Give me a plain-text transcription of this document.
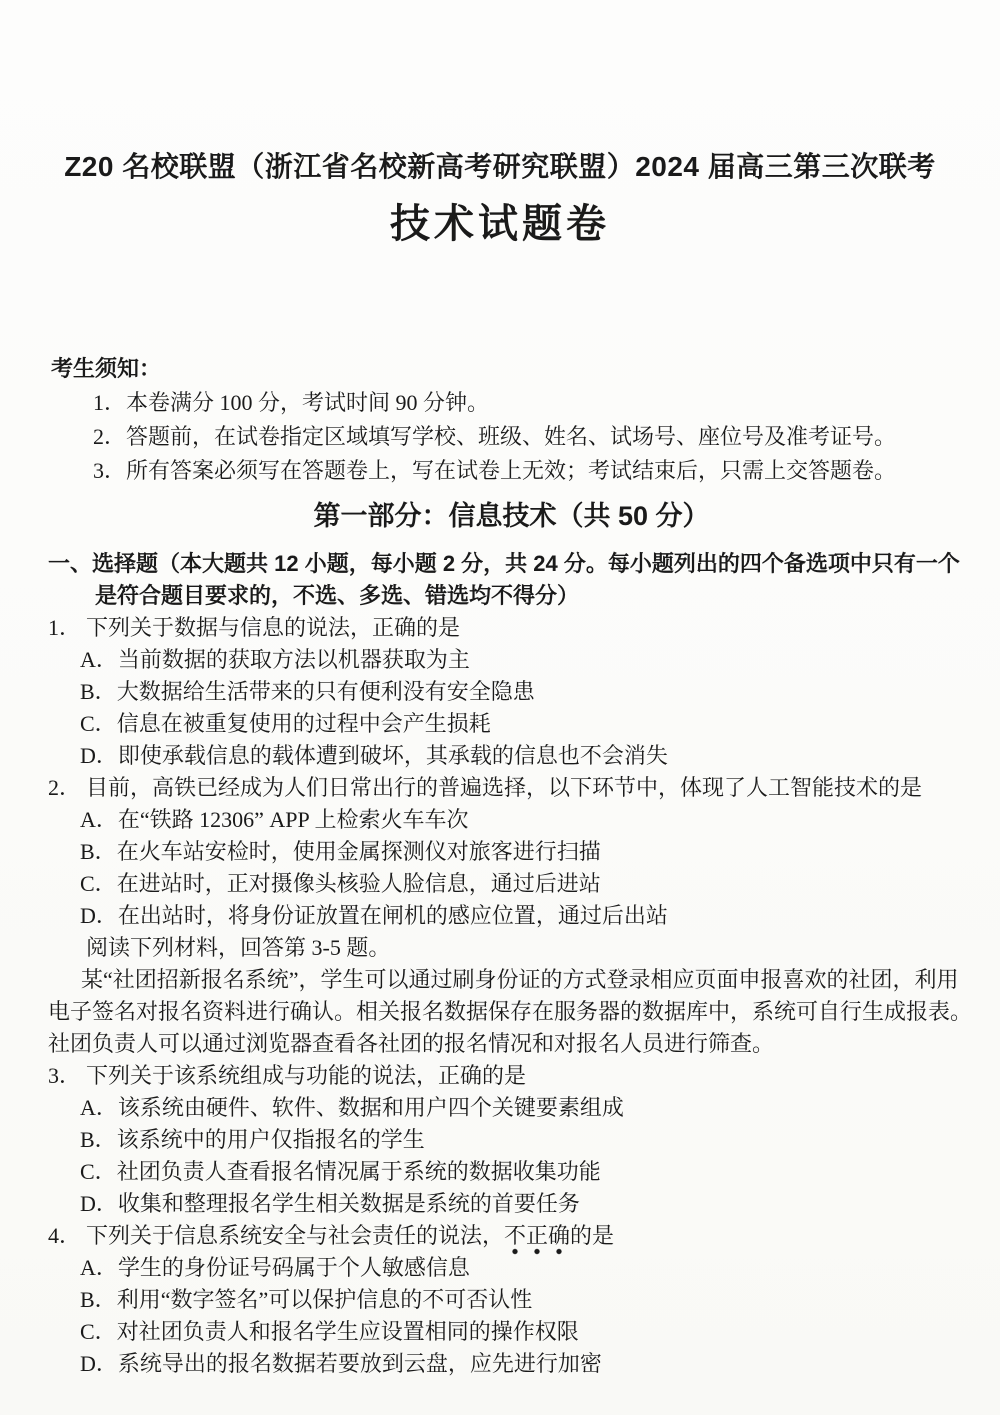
Z20 名校联盟（浙江省名校新高考研究联盟）2024 届高三第三次联考
技术试题卷
考生须知：
1．本卷满分 100 分，考试时间 90 分钟。
2．答题前，在试卷指定区域填写学校、班级、姓名、试场号、座位号及准考证号。
3．所有答案必须写在答题卷上，写在试卷上无效；考试结束后，只需上交答题卷。
第一部分：信息技术（共 50 分）
一、选择题（本大题共 12 小题，每小题 2 分，共 24 分。每小题列出的四个备选项中只有一个是符合题目要求的，不选、多选、错选均不得分）
1． 下列关于数据与信息的说法，正确的是
A． 当前数据的获取方法以机器获取为主
B． 大数据给生活带来的只有便利没有安全隐患
C． 信息在被重复使用的过程中会产生损耗
D． 即使承载信息的载体遭到破坏，其承载的信息也不会消失
2． 目前，高铁已经成为人们日常出行的普遍选择，以下环节中，体现了人工智能技术的是
A． 在“铁路 12306” APP 上检索火车车次
B． 在火车站安检时，使用金属探测仪对旅客进行扫描
C． 在进站时，正对摄像头核验人脸信息，通过后进站
D． 在出站时，将身份证放置在闸机的感应位置，通过后出站
阅读下列材料，回答第 3-5 题。
某“社团招新报名系统”，学生可以通过刷身份证的方式登录相应页面申报喜欢的社团，利用电子签名对报名资料进行确认。相关报名数据保存在服务器的数据库中，系统可自行生成报表。社团负责人可以通过浏览器查看各社团的报名情况和对报名人员进行筛查。
3． 下列关于该系统组成与功能的说法，正确的是
A． 该系统由硬件、软件、数据和用户四个关键要素组成
B． 该系统中的用户仅指报名的学生
C． 社团负责人查看报名情况属于系统的数据收集功能
D． 收集和整理报名学生相关数据是系统的首要任务
4． 下列关于信息系统安全与社会责任的说法，不正确的是
A． 学生的身份证号码属于个人敏感信息
B． 利用“数字签名”可以保护信息的不可否认性
C． 对社团负责人和报名学生应设置相同的操作权限
D． 系统导出的报名数据若要放到云盘，应先进行加密
